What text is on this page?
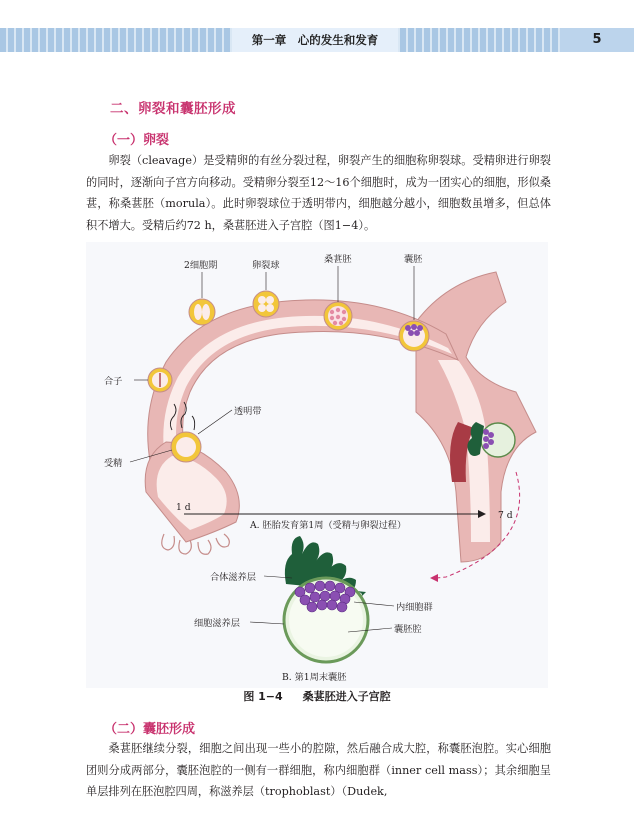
第一章　心的发生和发育	5
二、卵裂和囊胚形成
（一）卵裂
卵裂（cleavage）是受精卵的有丝分裂过程，卵裂产生的细胞称卵裂球。受精卵进行卵裂的同时，逐渐向子宫方向移动。受精卵分裂至12～16个细胞时，成为一团实心的细胞，形似桑葚，称桑葚胚（morula）。此时卵裂球位于透明带内，细胞越分越小，细胞数虽增多，但总体积不增大。受精后约72 h，桑葚胚进入子宫腔（图1−4）。
2细胞期	卵裂球
桑葚胚	囊胚
合子
透明带
受精
1 d
7 d
A. 胚胎发育第1周（受精与卵裂过程）
合体滋养层
细胞滋养层
内细胞群
囊胚腔
B. 第1周末囊胚
图 1−4 桑葚胚进入子宫腔
（二）囊胚形成
桑葚胚继续分裂，细胞之间出现一些小的腔隙，然后融合成大腔，称囊胚泡腔。实心细胞团则分成两部分，囊胚泡腔的一侧有一群细胞，称内细胞群（inner cell mass）；其余细胞呈单层排列在胚泡腔四周，称滋养层（trophoblast）（Dudek,
